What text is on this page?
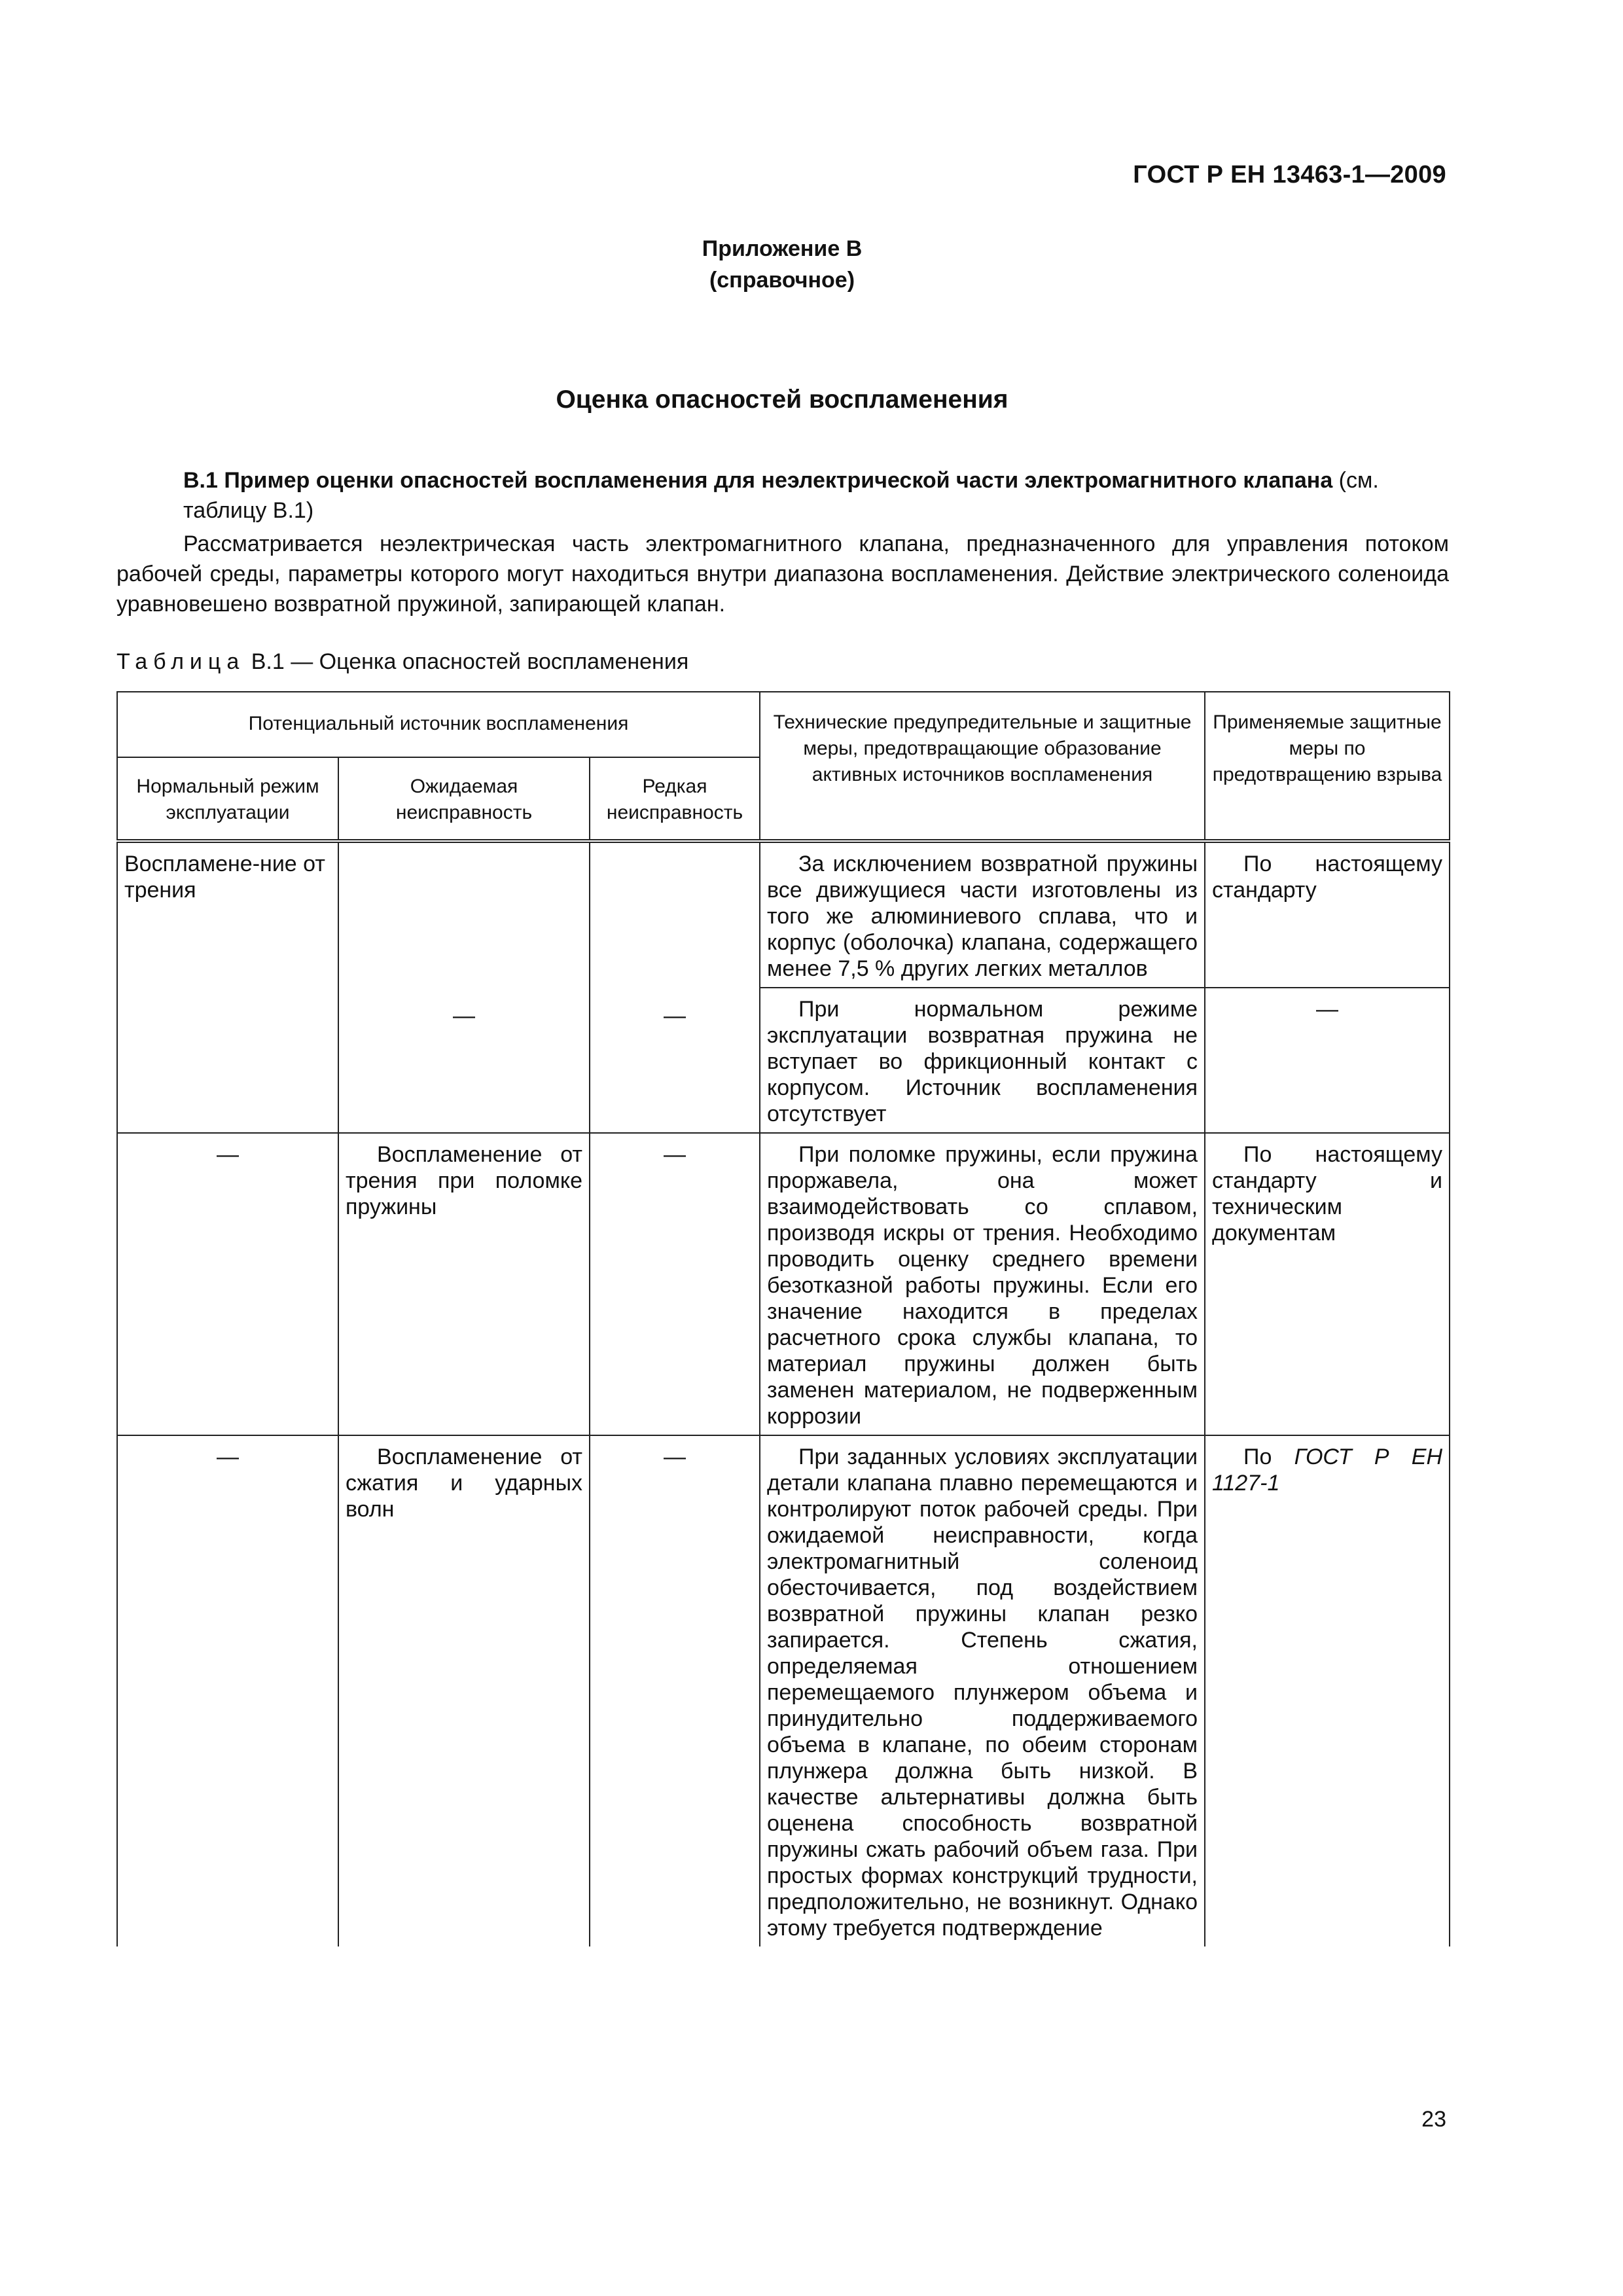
ГОСТ Р ЕН 13463-1—2009
Приложение В
(справочное)
Оценка опасностей воспламенения
В.1 Пример оценки опасностей воспламенения для неэлектрической части электромагнитного клапана (см. таблицу В.1)
Рассматривается неэлектрическая часть электромагнитного клапана, предназначенного для управления потоком рабочей среды, параметры которого могут находиться внутри диапазона воспламенения. Действие электрического соленоида уравновешено возвратной пружиной, запирающей клапан.
Таблица В.1 — Оценка опасностей воспламенения
Потенциальный источник воспламенения			Технические предупредительные и защитные меры, предотвращающие образование активных источников воспламенения	Применяемые защитные меры по предотвращению взрыва
Нормальный режим эксплуатации	Ожидаемая неисправность	Редкая неисправность		
Воспламене-ние от трения	—	—	За исключением возвратной пружины все движущиеся части изготовлены из того же алюминиевого сплава, что и корпус (оболочка) клапана, содержащего менее 7,5 % других легких металлов	По настоящему стандарту
			При нормальном режиме эксплуатации возвратная пружина не вступает во фрикционный контакт с корпусом. Источник воспламенения отсутствует	—
—	Воспламенение от трения при поломке пружины	—	При поломке пружины, если пружина проржавела, она может взаимодействовать со сплавом, производя искры от трения. Необходимо проводить оценку среднего времени безотказной работы пружины. Если его значение находится в пределах расчетного срока службы клапана, то материал пружины должен быть заменен материалом, не подверженным коррозии	По настоящему стандарту и техническим документам
—	Воспламенение от сжатия и ударных волн	—	При заданных условиях эксплуатации детали клапана плавно перемещаются и контролируют поток рабочей среды. При ожидаемой неисправности, когда электромагнитный соленоид обесточивается, под воздействием возвратной пружины клапан резко запирается. Степень сжатия, определяемая отношением перемещаемого плунжером объема и принудительно поддерживаемого объема в клапане, по обеим сторонам плунжера должна быть низкой. В качестве альтернативы должна быть оценена способность возвратной пружины сжать рабочий объем газа. При простых формах конструкций трудности, предположительно, не возникнут. Однако этому требуется подтверждение	По ГОСТ Р ЕН 1127-1
23
